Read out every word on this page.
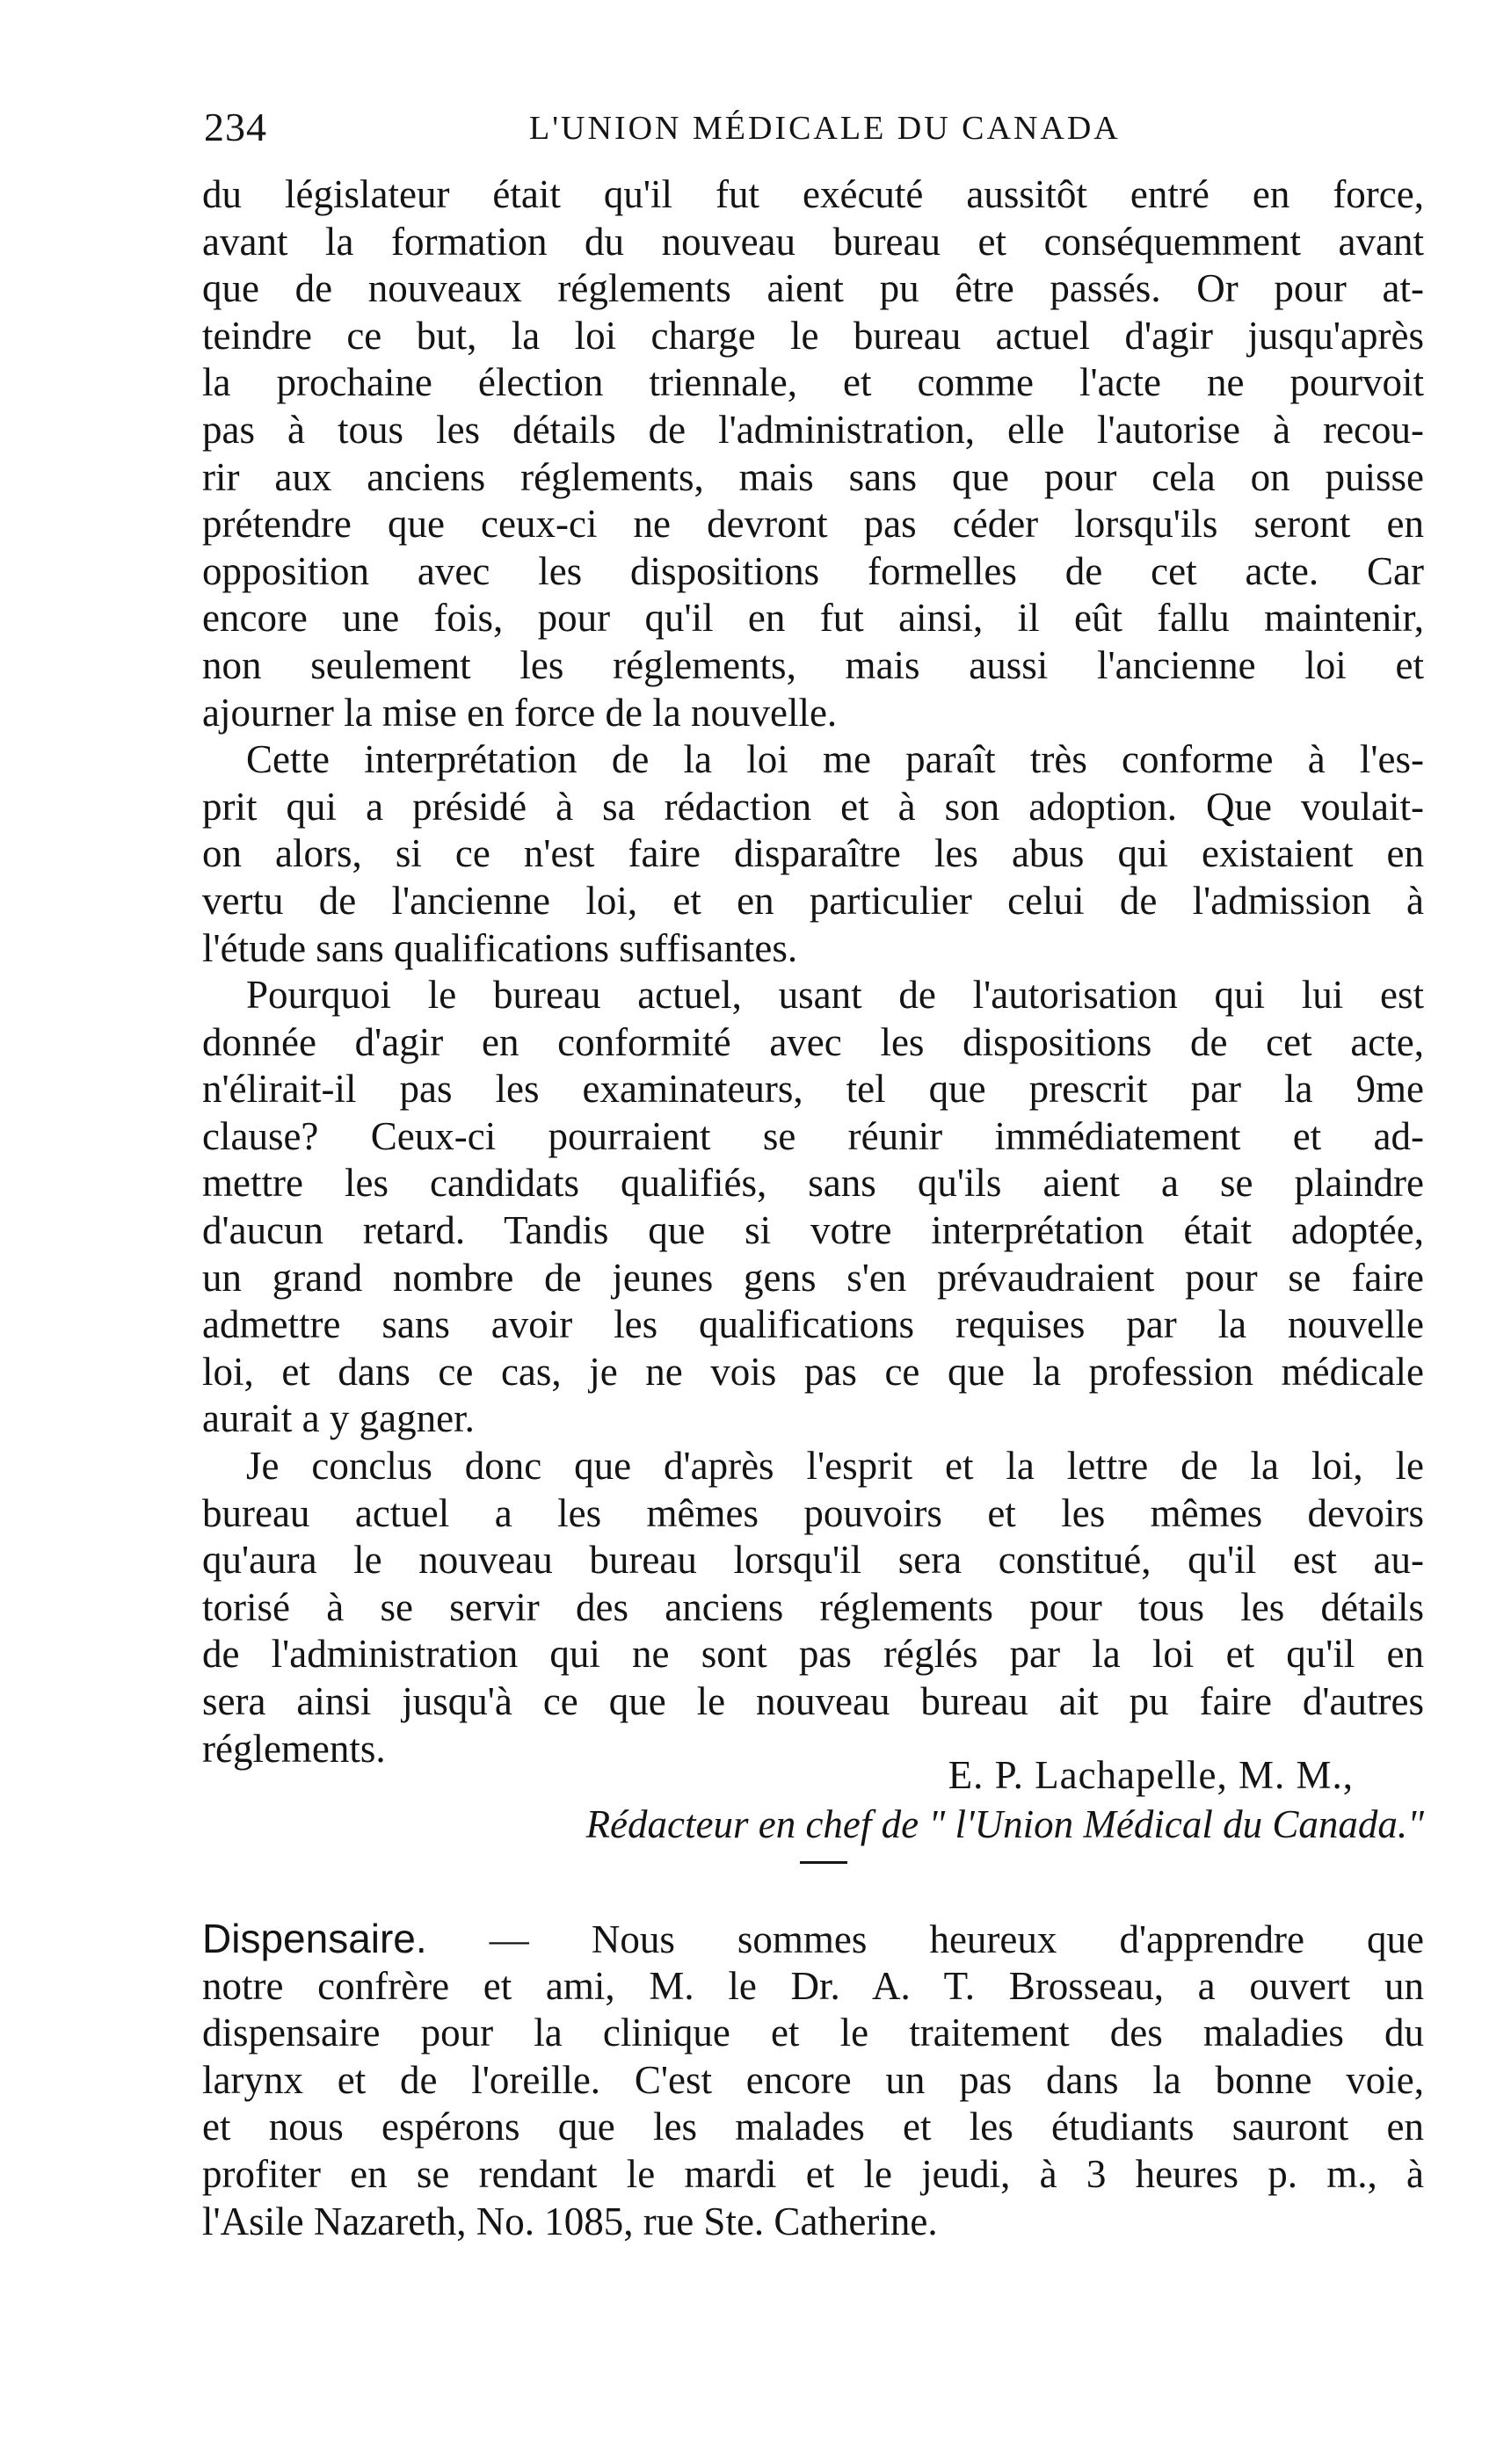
234	L'UNION MÉDICALE DU CANADA
du législateur était qu'il fut exécuté aussitôt entré en force,
avant la formation du nouveau bureau et conséquemment avant
que de nouveaux réglements aient pu être passés. Or pour at-
teindre ce but, la loi charge le bureau actuel d'agir jusqu'après
la prochaine élection triennale, et comme l'acte ne pourvoit
pas à tous les détails de l'administration, elle l'autorise à recou-
rir aux anciens réglements, mais sans que pour cela on puisse
prétendre que ceux-ci ne devront pas céder lorsqu'ils seront en
opposition avec les dispositions formelles de cet acte. Car
encore une fois, pour qu'il en fut ainsi, il eût fallu maintenir,
non seulement les réglements, mais aussi l'ancienne loi et
ajourner la mise en force de la nouvelle.
Cette interprétation de la loi me paraît très conforme à l'es-
prit qui a présidé à sa rédaction et à son adoption. Que voulait-
on alors, si ce n'est faire disparaître les abus qui existaient en
vertu de l'ancienne loi, et en particulier celui de l'admission à
l'étude sans qualifications suffisantes.
Pourquoi le bureau actuel, usant de l'autorisation qui lui est
donnée d'agir en conformité avec les dispositions de cet acte,
n'élirait-il pas les examinateurs, tel que prescrit par la 9me
clause? Ceux-ci pourraient se réunir immédiatement et ad-
mettre les candidats qualifiés, sans qu'ils aient a se plaindre
d'aucun retard. Tandis que si votre interprétation était adoptée,
un grand nombre de jeunes gens s'en prévaudraient pour se faire
admettre sans avoir les qualifications requises par la nouvelle
loi, et dans ce cas, je ne vois pas ce que la profession médicale
aurait a y gagner.
Je conclus donc que d'après l'esprit et la lettre de la loi, le
bureau actuel a les mêmes pouvoirs et les mêmes devoirs
qu'aura le nouveau bureau lorsqu'il sera constitué, qu'il est au-
torisé à se servir des anciens réglements pour tous les détails
de l'administration qui ne sont pas réglés par la loi et qu'il en
sera ainsi jusqu'à ce que le nouveau bureau ait pu faire d'autres
réglements.
E. P. Lachapelle, M. M.,
Rédacteur en chef de " l'Union Médical du Canada."
Dispensaire. — Nous sommes heureux d'apprendre que
notre confrère et ami, M. le Dr. A. T. Brosseau, a ouvert un
dispensaire pour la clinique et le traitement des maladies du
larynx et de l'oreille. C'est encore un pas dans la bonne voie,
et nous espérons que les malades et les étudiants sauront en
profiter en se rendant le mardi et le jeudi, à 3 heures p. m., à
l'Asile Nazareth, No. 1085, rue Ste. Catherine.
